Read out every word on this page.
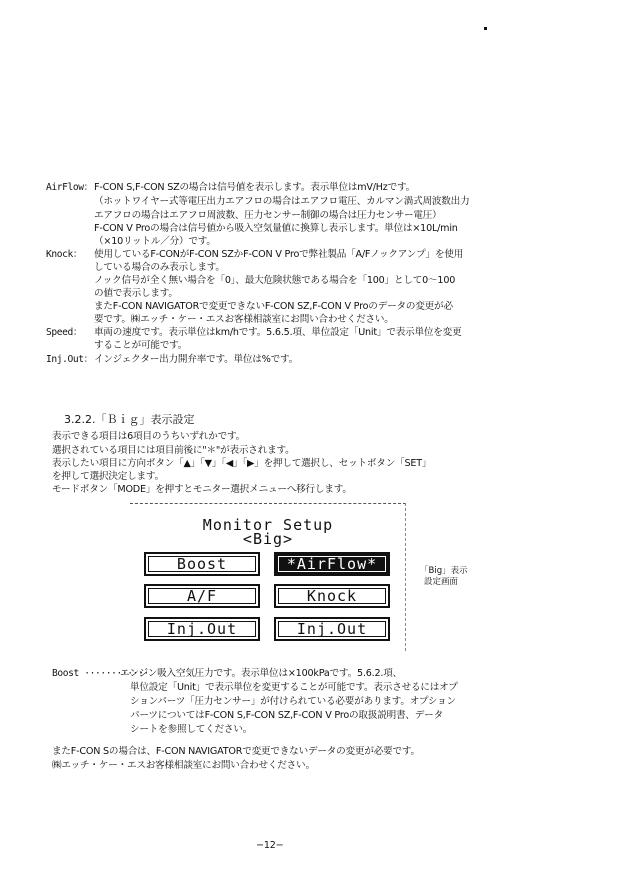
AirFlow： F-CON S,F-CON SZの場合は信号値を表示します。表示単位はmV/Hzです。
（ホットワイヤー式等電圧出力エアフロの場合はエアフロ電圧、カルマン渦式周波数出力
エアフロの場合はエアフロ周波数、圧力センサー制御の場合は圧力センサー電圧）
F-CON V Proの場合は信号値から吸入空気量値に換算し表示します。単位は×10L/min
（×10リットル／分）です。
Knock： 使用しているF-CONがF-CON SZかF-CON V Proで弊社製品「A/Fノックアンプ」を使用
している場合のみ表示します。
ノック信号が全く無い場合を「0」、最大危険状態である場合を「100」として0～100
の値で表示します。
またF-CON NAVIGATORで変更できないF-CON SZ,F-CON V Proのデータの変更が必
要です。㈱エッチ・ケー・エスお客様相談室にお問い合わせください。
Speed： 車両の速度です。表示単位はkm/hです。5.6.5.項、単位設定「Unit」で表示単位を変更
することが可能です。
Inj.Out： インジェクター出力開弁率です。単位は%です。
3.2.2.「Ｂｉｇ」表示設定
表示できる項目は6項目のうちいずれかです。
選択されている項目には項目前後に"＊"が表示されます。
表示したい項目に方向ボタン「▲」「▼」「◀」「▶」を押して選択し、セットボタン「SET」
を押して選択決定します。
モードボタン「MODE」を押すとモニター選択メニューへ移行します。
Monitor Setup
<Big>
Boost	*AirFlow*
A/F	Knock
Inj.Out	Inj.Out
「Big」表示
設定画面
Boost ············
エンジン吸入空気圧力です。表示単位は×100kPaです。5.6.2.項、
単位設定「Unit」で表示単位を変更することが可能です。表示させるにはオプ
ションパーツ「圧力センサー」が付けられている必要があります。オプション
パーツについてはF-CON S,F-CON SZ,F-CON V Proの取扱説明書、データ
シートを参照してください。
またF-CON Sの場合は、F-CON NAVIGATORで変更できないデータの変更が必要です。
㈱エッチ・ケー・エスお客様相談室にお問い合わせください。
−12−
